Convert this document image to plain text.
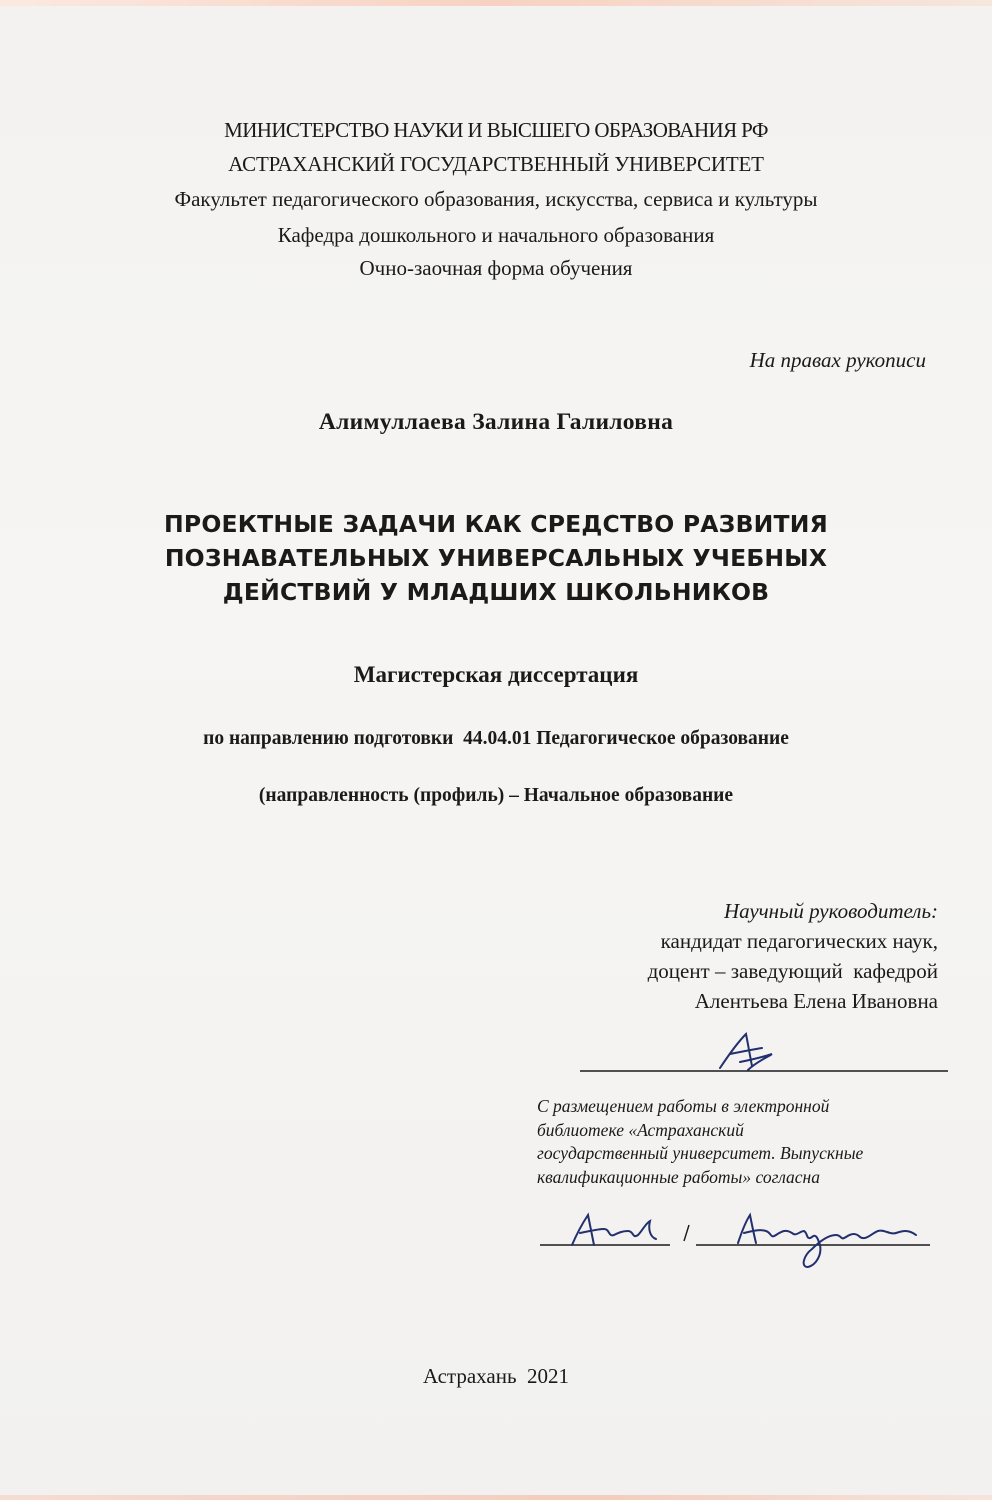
МИНИСТЕРСТВО НАУКИ И ВЫСШЕГО ОБРАЗОВАНИЯ РФ
АСТРАХАНСКИЙ ГОСУДАРСТВЕННЫЙ УНИВЕРСИТЕТ
Факультет педагогического образования, искусства, сервиса и культуры
Кафедра дошкольного и начального образования
Очно-заочная форма обучения
На правах рукописи
Алимуллаева Залина Галиловна
ПРОЕКТНЫЕ ЗАДАЧИ КАК СРЕДСТВО РАЗВИТИЯ
ПОЗНАВАТЕЛЬНЫХ УНИВЕРСАЛЬНЫХ УЧЕБНЫХ
ДЕЙСТВИЙ У МЛАДШИХ ШКОЛЬНИКОВ
Магистерская диссертация
по направлению подготовки  44.04.01 Педагогическое образование
(направленность (профиль) – Начальное образование
Научный руководитель:
кандидат педагогических наук,
доцент – заведующий  кафедрой
Алентьева Елена Ивановна
С размещением работы в электронной
библиотеке «Астраханский
государственный университет. Выпускные
квалификационные работы» согласна
Астрахань  2021
